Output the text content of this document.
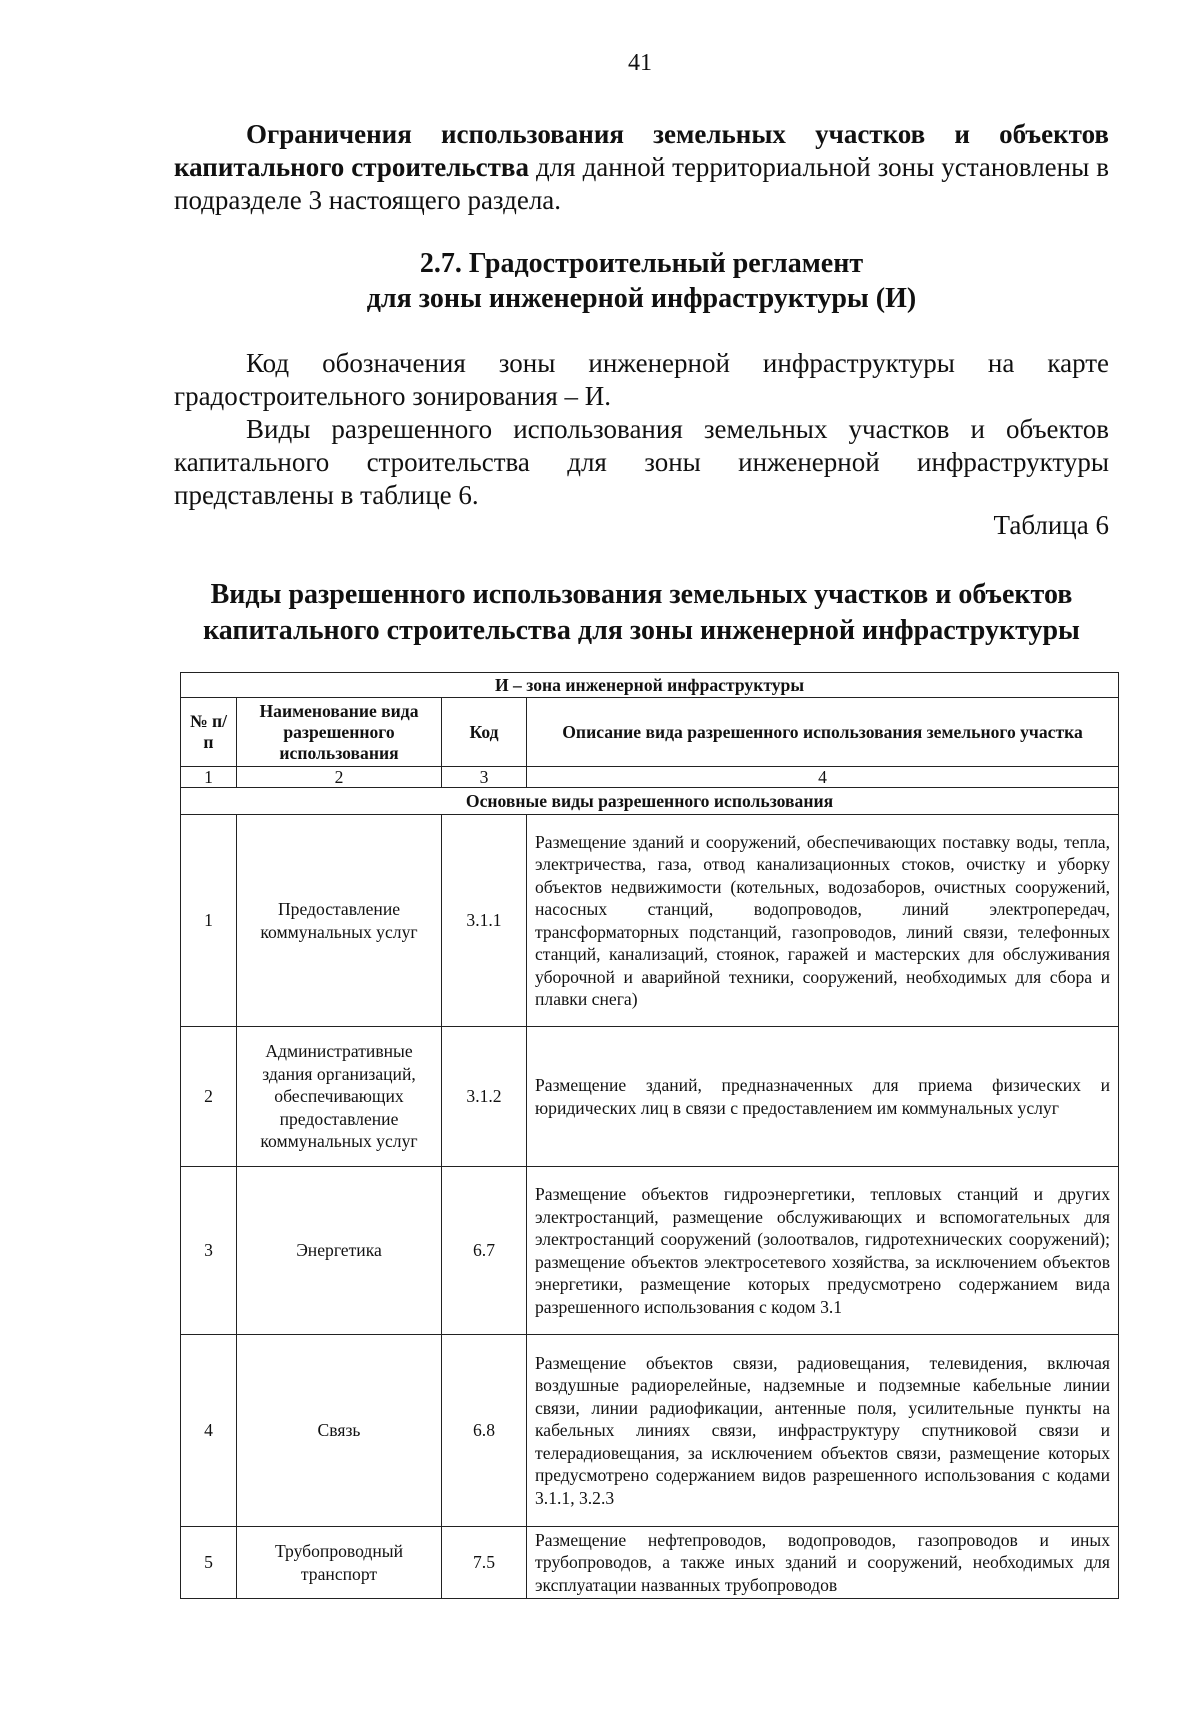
41
Ограничения использования земельных участков и объектов капитального строительства для данной территориальной зоны установлены в подразделе 3 настоящего раздела.
2.7. Градостроительный регламент
для зоны инженерной инфраструктуры (И)
Код обозначения зоны инженерной инфраструктуры на карте градостроительного зонирования – И.
Виды разрешенного использования земельных участков и объектов капитального строительства для зоны инженерной инфраструктуры представлены в таблице 6.
Таблица 6
Виды разрешенного использования земельных участков и объектов
капитального строительства для зоны инженерной инфраструктуры
И – зона инженерной инфраструктуры			
№ п/п	Наименование вида разрешенного использования	Код	Описание вида разрешенного использования земельного участка
1	2	3	4
Основные виды разрешенного использования			
1	Предоставление коммунальных услуг	3.1.1	Размещение зданий и сооружений, обеспечивающих поставку воды, тепла, электричества, газа, отвод канализационных стоков, очистку и уборку объектов недвижимости (котельных, водозаборов, очистных сооружений, насосных станций, водопроводов, линий электропередач, трансформаторных подстанций, газопроводов, линий связи, телефонных станций, канализаций, стоянок, гаражей и мастерских для обслуживания уборочной и аварийной техники, сооружений, необходимых для сбора и плавки снега)
2	Административные здания организаций, обеспечивающих предоставление коммунальных услуг	3.1.2	Размещение зданий, предназначенных для приема физических и юридических лиц в связи с предоставлением им коммунальных услуг
3	Энергетика	6.7	Размещение объектов гидроэнергетики, тепловых станций и других электростанций, размещение обслуживающих и вспомогательных для электростанций сооружений (золоотвалов, гидротехнических сооружений); размещение объектов электросетевого хозяйства, за исключением объектов энергетики, размещение которых предусмотрено содержанием вида разрешенного использования с кодом 3.1
4	Связь	6.8	Размещение объектов связи, радиовещания, телевидения, включая воздушные радиорелейные, надземные и подземные кабельные линии связи, линии радиофикации, антенные поля, усилительные пункты на кабельных линиях связи, инфраструктуру спутниковой связи и телерадиовещания, за исключением объектов связи, размещение которых предусмотрено содержанием видов разрешенного использования с кодами 3.1.1, 3.2.3
5	Трубопроводный транспорт	7.5	Размещение нефтепроводов, водопроводов, газопроводов и иных трубопроводов, а также иных зданий и сооружений, необходимых для эксплуатации названных трубопроводов
